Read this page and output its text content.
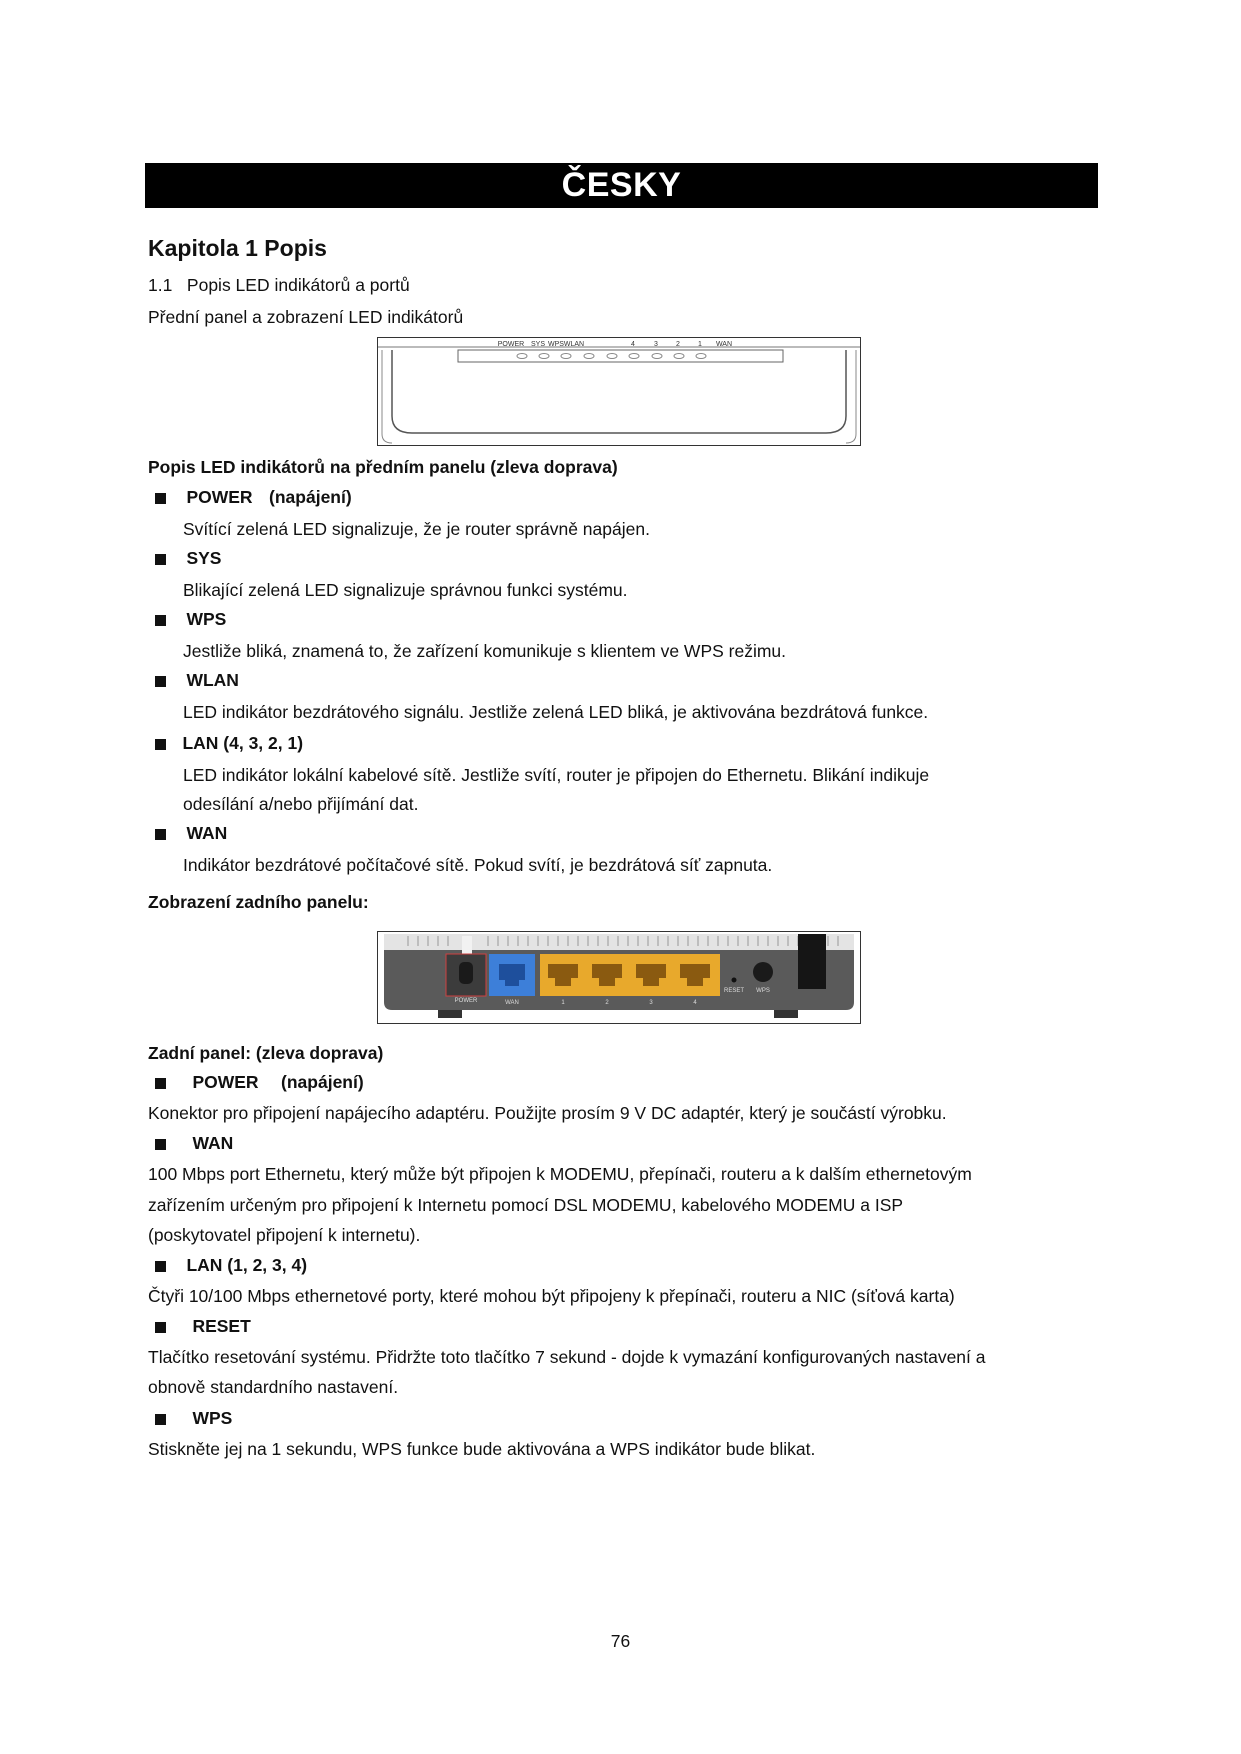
ČESKY
Kapitola 1 Popis
1.1 Popis LED indikátorů a portů
Přední panel a zobrazení LED indikátorů
POWER SYS WPS WLAN	4	3	2	1 WAN
Popis LED indikátorů na předním panelu (zleva doprava)
POWER (napájení)
Svítící zelená LED signalizuje, že je router správně napájen.
SYS
Blikající zelená LED signalizuje správnou funkci systému.
WPS
Jestliže bliká, znamená to, že zařízení komunikuje s klientem ve WPS režimu.
WLAN
LED indikátor bezdrátového signálu. Jestliže zelená LED bliká, je aktivována bezdrátová funkce.
LAN (4, 3, 2, 1)
LED indikátor lokální kabelové sítě. Jestliže svítí, router je připojen do Ethernetu. Blikání indikuje
odesílání a/nebo přijímání dat.
WAN
Indikátor bezdrátové počítačové sítě. Pokud svítí, je bezdrátová síť zapnuta.
Zobrazení zadního panelu:
POWER	WAN	1	2	3	4
RESET WPS
Zadní panel: (zleva doprava)
POWER (napájení)
Konektor pro připojení napájecího adaptéru. Použijte prosím 9 V DC adaptér, který je součástí výrobku.
WAN
100 Mbps port Ethernetu, který může být připojen k MODEMU, přepínači, routeru a k dalším ethernetovým
zařízením určeným pro připojení k Internetu pomocí DSL MODEMU, kabelového MODEMU a ISP
(poskytovatel připojení k internetu).
LAN (1, 2, 3, 4)
Čtyři 10/100 Mbps ethernetové porty, které mohou být připojeny k přepínači, routeru a NIC (síťová karta)
RESET
Tlačítko resetování systému. Přidržte toto tlačítko 7 sekund - dojde k vymazání konfigurovaných nastavení a
obnově standardního nastavení.
WPS
Stiskněte jej na 1 sekundu, WPS funkce bude aktivována a WPS indikátor bude blikat.
76
